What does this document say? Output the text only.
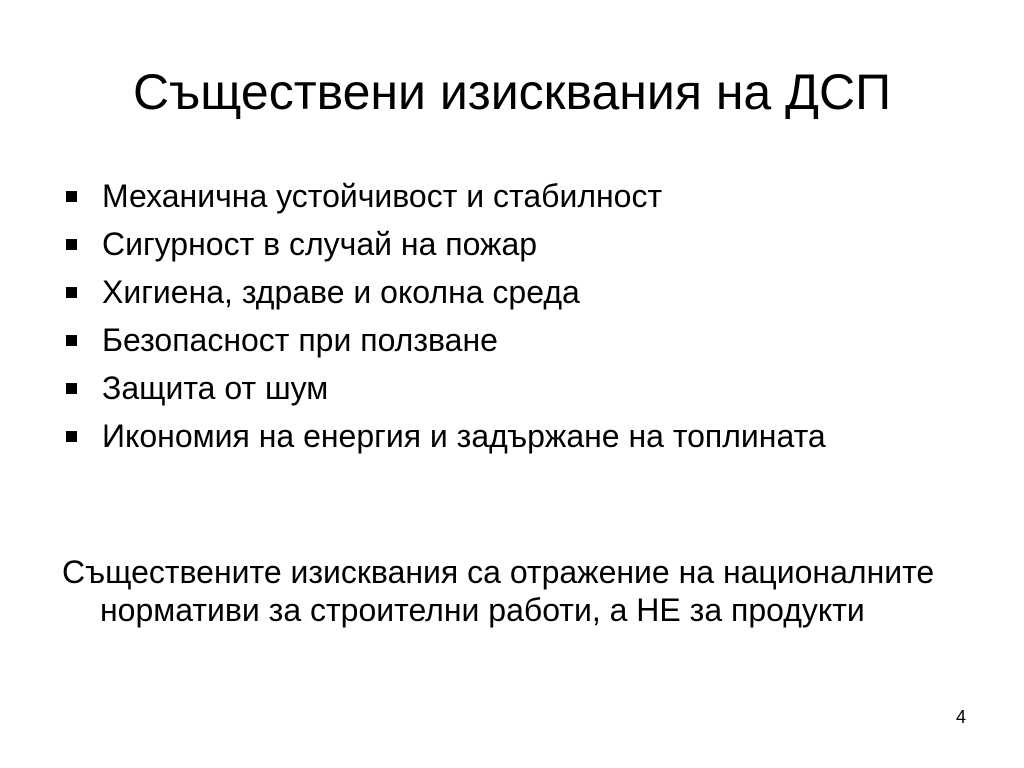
Съществени изисквания на ДСП
Механична устойчивост и стабилност
Сигурност в случай на пожар
Хигиена, здраве и околна среда
Безопасност при ползване
Защита от шум
Икономия на енергия и задържане на топлината

Съществените изисквания са отражение на националните нормативи за строителни работи, а НЕ за продукти

4
